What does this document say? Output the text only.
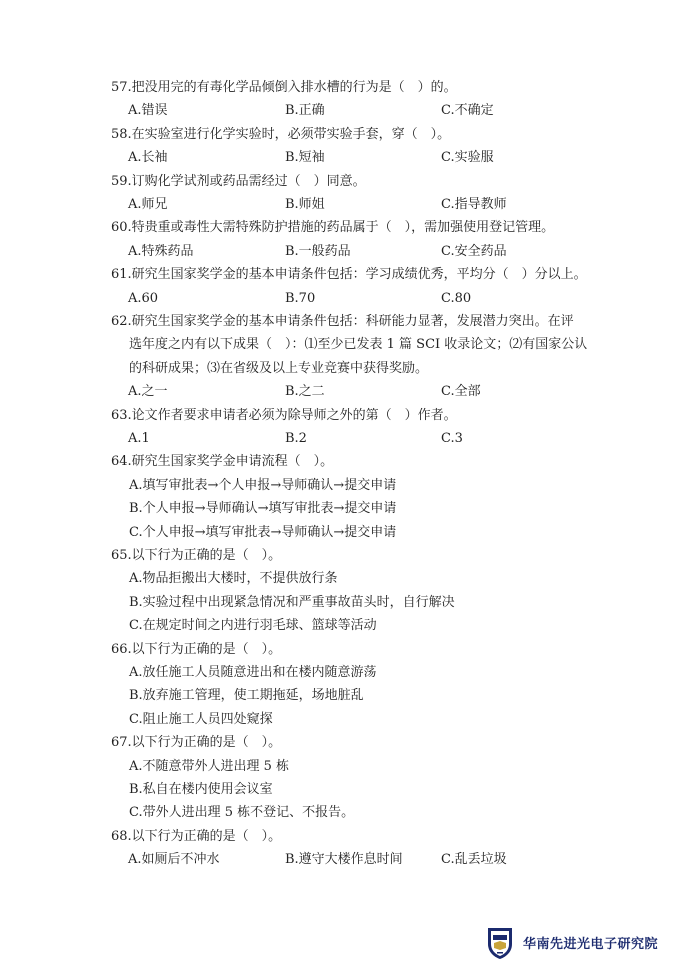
57.把没用完的有毒化学品倾倒入排水槽的行为是（　）的。
A.错误	B.正确	C.不确定
58.在实验室进行化学实验时，必须带实验手套，穿（　）。
A.长袖	B.短袖	C.实验服
59.订购化学试剂或药品需经过（　）同意。
A.师兄	B.师姐	C.指导教师
60.特贵重或毒性大需特殊防护措施的药品属于（　），需加强使用登记管理。
A.特殊药品	B.一般药品	C.安全药品
61.研究生国家奖学金的基本申请条件包括：学习成绩优秀，平均分（　）分以上。
A.60	B.70	C.80
62.研究生国家奖学金的基本申请条件包括：科研能力显著，发展潜力突出。在评
选年度之内有以下成果（　）：⑴至少已发表 1 篇 SCI 收录论文；⑵有国家公认
的科研成果；⑶在省级及以上专业竞赛中获得奖励。
A.之一	B.之二	C.全部
63.论文作者要求申请者必须为除导师之外的第（　）作者。
A.1	B.2	C.3
64.研究生国家奖学金申请流程（　）。
A.填写审批表→个人申报→导师确认→提交申请
B.个人申报→导师确认→填写审批表→提交申请
C.个人申报→填写审批表→导师确认→提交申请
65.以下行为正确的是（　）。
A.物品拒搬出大楼时，不提供放行条
B.实验过程中出现紧急情况和严重事故苗头时，自行解决
C.在规定时间之内进行羽毛球、篮球等活动
66.以下行为正确的是（　）。
A.放任施工人员随意进出和在楼内随意游荡
B.放弃施工管理，使工期拖延，场地脏乱
C.阻止施工人员四处窥探
67.以下行为正确的是（　）。
A.不随意带外人进出理 5 栋
B.私自在楼内使用会议室
C.带外人进出理 5 栋不登记、不报告。
68.以下行为正确的是（　）。
A.如厕后不冲水	B.遵守大楼作息时间	C.乱丢垃圾
华南先进光电子研究院
